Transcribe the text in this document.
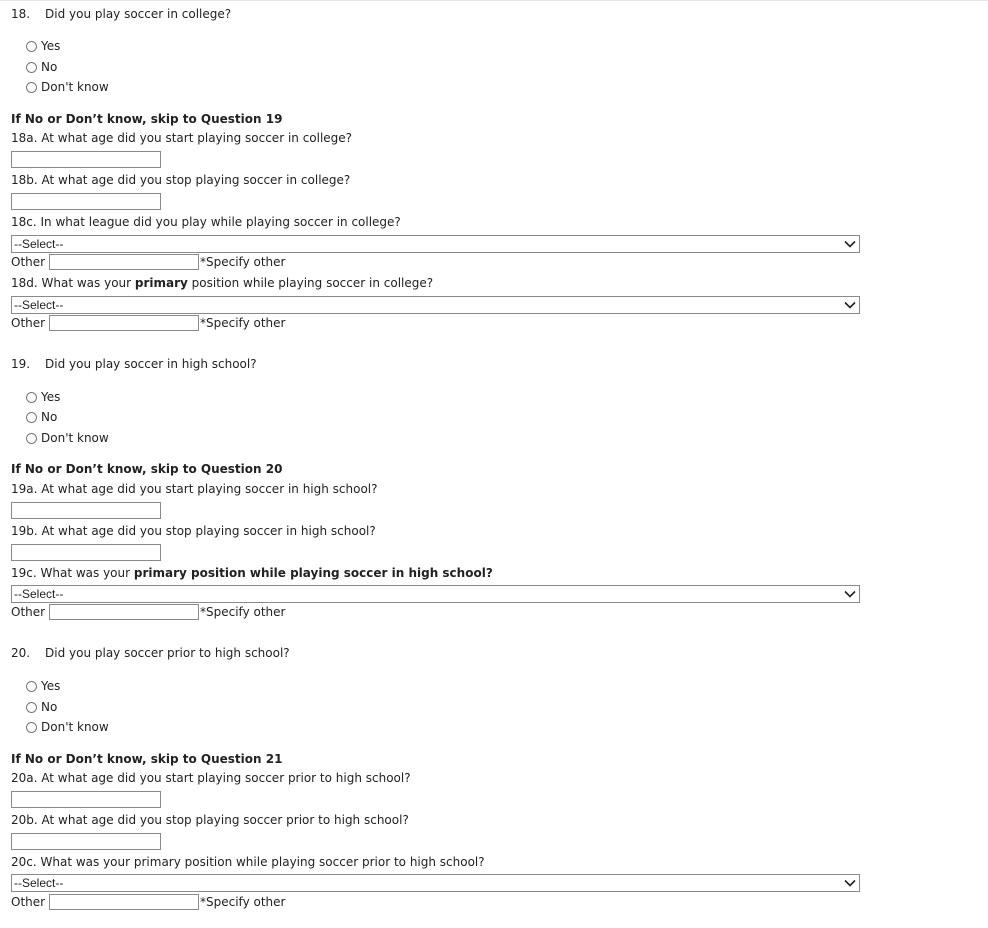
18. Did you play soccer in college?
Yes
No
Don't know
If No or Don’t know, skip to Question 19
18a. At what age did you start playing soccer in college?
18b. At what age did you stop playing soccer in college?
18c. In what league did you play while playing soccer in college?
--Select--
Other	*Specify other
18d. What was your primary position while playing soccer in college?
--Select--
Other	*Specify other
19. Did you play soccer in high school?
Yes
No
Don't know
If No or Don’t know, skip to Question 20
19a. At what age did you start playing soccer in high school?
19b. At what age did you stop playing soccer in high school?
19c. What was your primary position while playing soccer in high school?
--Select--
Other	*Specify other
20. Did you play soccer prior to high school?
Yes
No
Don't know
If No or Don’t know, skip to Question 21
20a. At what age did you start playing soccer prior to high school?
20b. At what age did you stop playing soccer prior to high school?
20c. What was your primary position while playing soccer prior to high school?
--Select--
Other	*Specify other
